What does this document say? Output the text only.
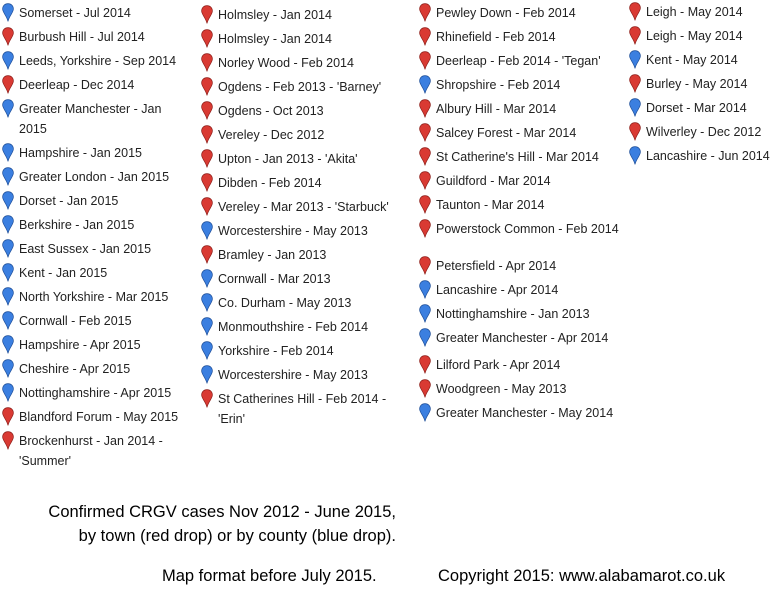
Somerset - Jul 2014
Burbush Hill - Jul 2014
Leeds, Yorkshire - Sep 2014
Deerleap - Dec 2014
Greater Manchester - Jan 2015
Hampshire - Jan 2015
Greater London - Jan 2015
Dorset - Jan 2015
Berkshire - Jan 2015
East Sussex - Jan 2015
Kent - Jan 2015
North Yorkshire - Mar 2015
Cornwall - Feb 2015
Hampshire - Apr 2015
Cheshire - Apr 2015
Nottinghamshire - Apr 2015
Blandford Forum - May 2015
Brockenhurst - Jan 2014 - 'Summer'
Holmsley - Jan 2014
Holmsley - Jan 2014
Norley Wood - Feb 2014
Ogdens - Feb 2013 - 'Barney'
Ogdens - Oct 2013
Vereley - Dec 2012
Upton - Jan 2013 - 'Akita'
Dibden - Feb 2014
Vereley - Mar 2013 - 'Starbuck'
Worcestershire - May 2013
Bramley - Jan 2013
Cornwall - Mar 2013
Co. Durham - May 2013
Monmouthshire - Feb 2014
Yorkshire - Feb 2014
Worcestershire - May 2013
St Catherines Hill - Feb 2014 - 'Erin'
Pewley Down - Feb 2014
Rhinefield - Feb 2014
Deerleap - Feb 2014 - 'Tegan'
Shropshire - Feb 2014
Albury Hill - Mar 2014
Salcey Forest - Mar 2014
St Catherine's Hill - Mar 2014
Guildford - Mar 2014
Taunton - Mar 2014
Powerstock Common - Feb 2014
Petersfield - Apr 2014
Lancashire - Apr 2014
Nottinghamshire - Jan 2013
Greater Manchester - Apr 2014
Lilford Park - Apr 2014
Woodgreen - May 2013
Greater Manchester - May 2014
Leigh - May 2014
Leigh - May 2014
Kent - May 2014
Burley - May 2014
Dorset - Mar 2014
Wilverley - Dec 2012
Lancashire - Jun 2014
Confirmed CRGV cases Nov 2012 - June 2015,
by town (red drop) or by county (blue drop).
Map format before July 2015.	Copyright 2015: www.alabamarot.co.uk
